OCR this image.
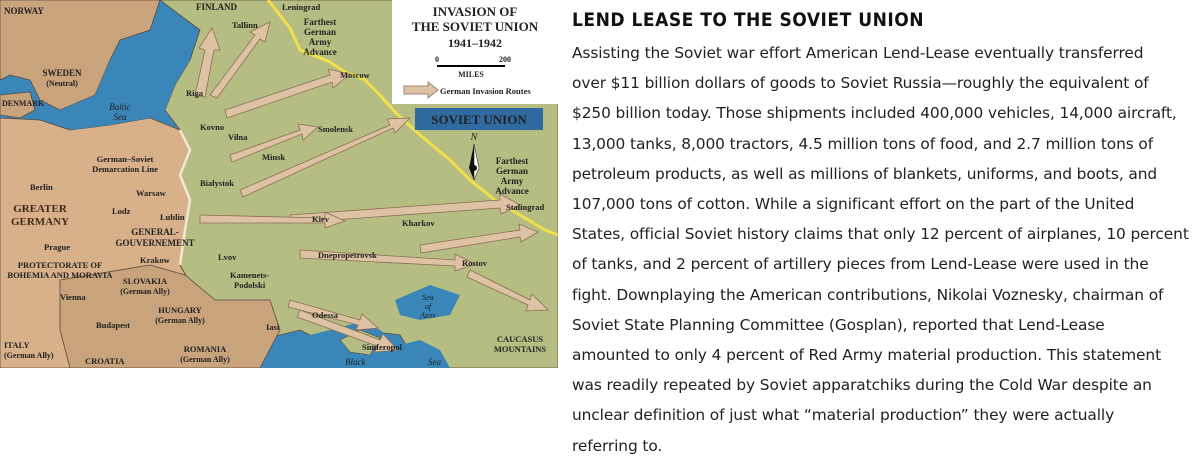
INVASION OF
THE SOVIET UNION
1941–1942
0	200
MILES
German Invasion Routes
SOVIET UNION
N
Farthest
German
Army
Advance
Farthest
German
Army
Advance
NORWAY	FINLAND
SWEDEN
(Neutral)
DENMARK	Baltic
Sea
GREATER
GERMANY
German–Soviet
Demarcation Line
GENERAL-
GOUVERNEMENT
PROTECTORATE OF
BOHEMIA AND MORAVIA
SLOVAKIA
(German Ally)
HUNGARY
(German Ally)
ROMANIA
(German Ally)
ITALY
(German Ally)
CROATIA
Sea
of
Azov
Black	Sea
CAUCASUS
MOUNTAINS
Tallinn
Leningrad
Riga
Moscow
Kovno
Vilna
Smolensk
Minsk
Berlin	Bialystok
Warsaw
Lodz
Lublin	Kiev	Kharkov
Stalingrad
Prague
Krakow	Lvov	Dnepropetrovsk
Rostov
Vienna
Kamenets-
Podolski
Budapest
Odessa
Iasi
Simferopol
LEND LEASE TO THE SOVIET UNION

Assisting the Soviet war effort American Lend-Lease eventually transferred
over $11 billion dollars of goods to Soviet Russia—roughly the equivalent of
$250 billion today. Those shipments included 400,000 vehicles, 14,000 aircraft,
13,000 tanks, 8,000 tractors, 4.5 million tons of food, and 2.7 million tons of
petroleum products, as well as millions of blankets, uniforms, and boots, and
107,000 tons of cotton. While a significant effort on the part of the United
States, official Soviet history claims that only 12 percent of airplanes, 10 percent
of tanks, and 2 percent of artillery pieces from Lend-Lease were used in the
fight. Downplaying the American contributions, Nikolai Voznesky, chairman of
Soviet State Planning Committee (Gosplan), reported that Lend-Lease
amounted to only 4 percent of Red Army material production. This statement
was readily repeated by Soviet apparatchiks during the Cold War despite an
unclear definition of just what “material production” they were actually
referring to.
